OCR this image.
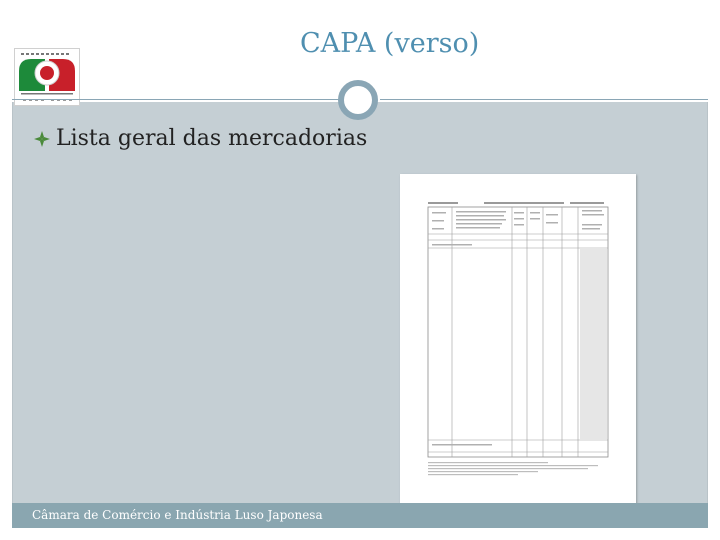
CAPA (verso)
Lista geral das mercadorias
Câmara de Comércio e Indústria Luso Japonesa
